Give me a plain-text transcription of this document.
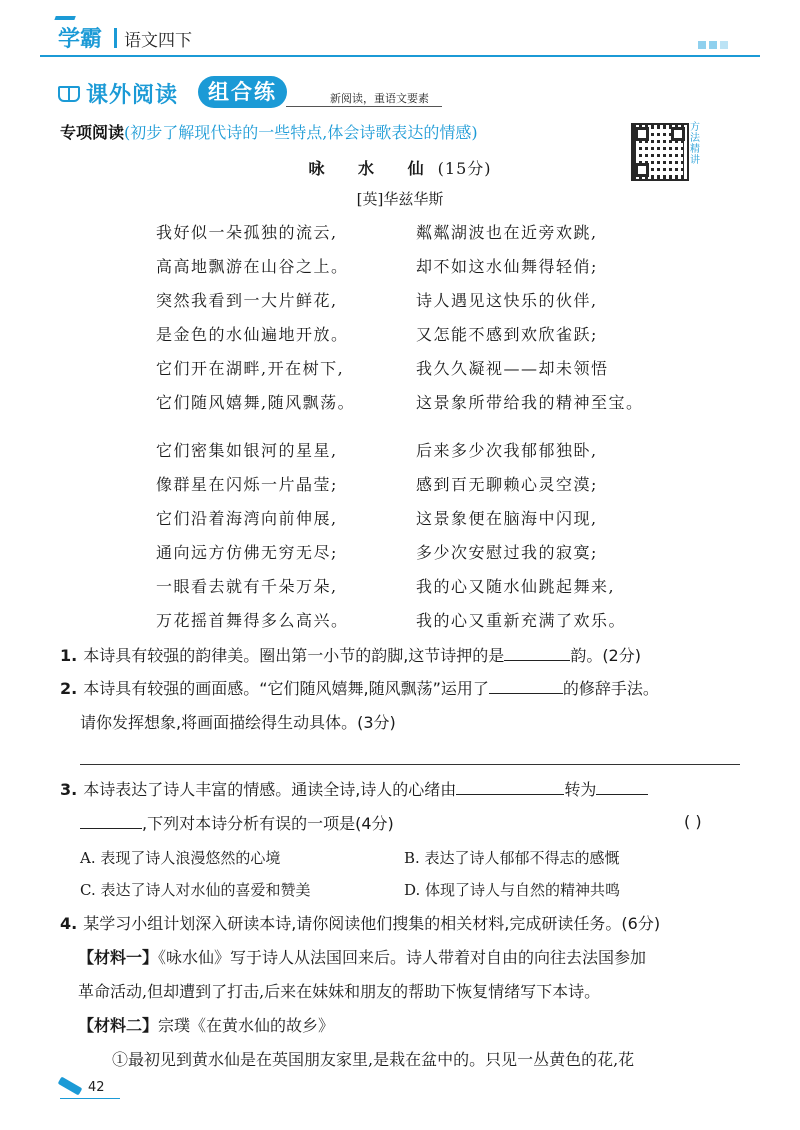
学霸 语文四下
课外阅读	组合练	新阅读，重语文要素
专项阅读(初步了解现代诗的一些特点,体会诗歌表达的情感)	方法精讲
咏 水 仙(15分)
[英]华兹华斯
我好似一朵孤独的流云,
高高地飘游在山谷之上。
突然我看到一大片鲜花,
是金色的水仙遍地开放。
它们开在湖畔,开在树下,
它们随风嬉舞,随风飘荡。
粼粼湖波也在近旁欢跳,
却不如这水仙舞得轻俏;
诗人遇见这快乐的伙伴,
又怎能不感到欢欣雀跃;
我久久凝视——却未领悟
这景象所带给我的精神至宝。
它们密集如银河的星星,
像群星在闪烁一片晶莹;
它们沿着海湾向前伸展,
通向远方仿佛无穷无尽;
一眼看去就有千朵万朵,
万花摇首舞得多么高兴。
后来多少次我郁郁独卧,
感到百无聊赖心灵空漠;
这景象便在脑海中闪现,
多少次安慰过我的寂寞;
我的心又随水仙跳起舞来,
我的心又重新充满了欢乐。
1. 本诗具有较强的韵律美。圈出第一小节的韵脚,这节诗押的是	韵。(2分)
2. 本诗具有较强的画面感。“它们随风嬉舞,随风飘荡”运用了	的修辞手法。
请你发挥想象,将画面描绘得生动具体。(3分)
3. 本诗表达了诗人丰富的情感。通读全诗,诗人的心绪由	转为
,下列对本诗分析有误的一项是(4分)	( )
A. 表现了诗人浪漫悠然的心境	B. 表达了诗人郁郁不得志的感慨
C. 表达了诗人对水仙的喜爱和赞美	D. 体现了诗人与自然的精神共鸣
4. 某学习小组计划深入研读本诗,请你阅读他们搜集的相关材料,完成研读任务。(6分)
【材料一】《咏水仙》写于诗人从法国回来后。诗人带着对自由的向往去法国参加
革命活动,但却遭到了打击,后来在妹妹和朋友的帮助下恢复情绪写下本诗。
【材料二】宗璞《在黄水仙的故乡》
①最初见到黄水仙是在英国朋友家里,是栽在盆中的。只见一丛黄色的花,花
42
